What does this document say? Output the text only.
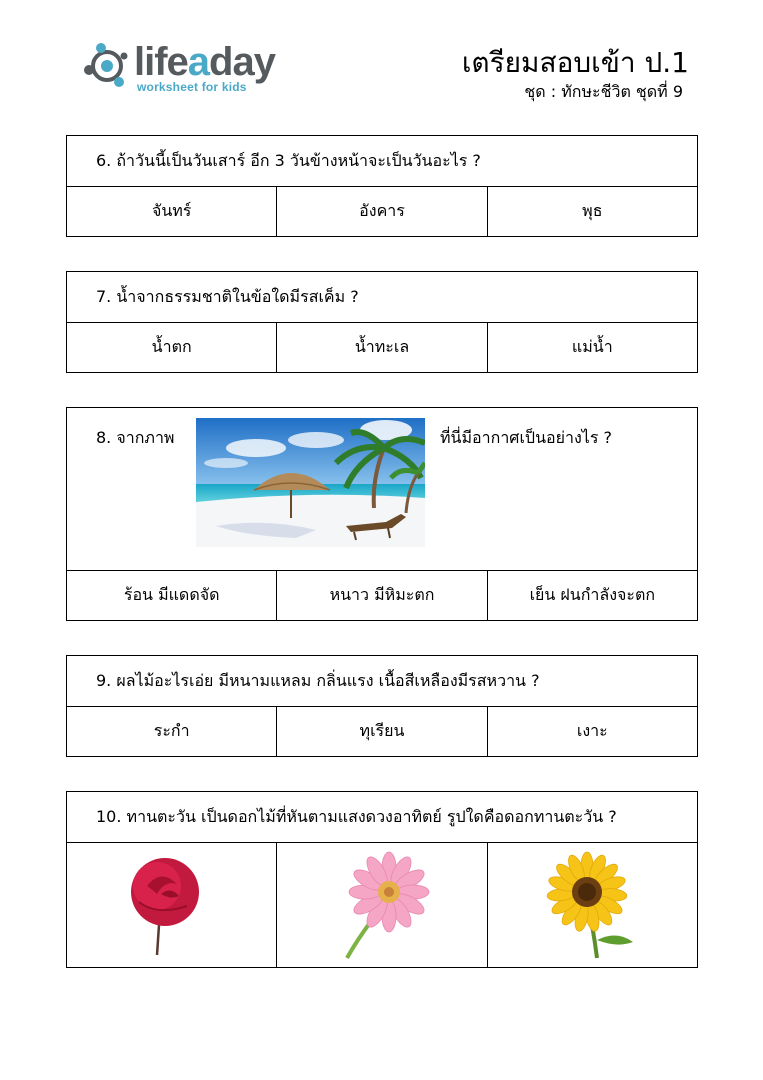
lifeaday
worksheet for kids
เตรียมสอบเข้า ป.1
ชุด : ทักษะชีวิต ชุดที่ 9
6. ถ้าวันนี้เป็นวันเสาร์ อีก 3 วันข้างหน้าจะเป็นวันอะไร ?
จันทร์	อังคาร	พุธ
7. น้ำจากธรรมชาติในข้อใดมีรสเค็ม ?
น้ำตก	น้ำทะเล	แม่น้ำ
8. จากภาพ	ที่นี่มีอากาศเป็นอย่างไร ?
ร้อน มีแดดจัด	หนาว มีหิมะตก	เย็น ฝนกำลังจะตก
9. ผลไม้อะไรเอ่ย มีหนามแหลม กลิ่นแรง เนื้อสีเหลืองมีรสหวาน ?
ระกำ	ทุเรียน	เงาะ
10. ทานตะวัน เป็นดอกไม้ที่หันตามแสงดวงอาทิตย์ รูปใดคือดอกทานตะวัน ?
